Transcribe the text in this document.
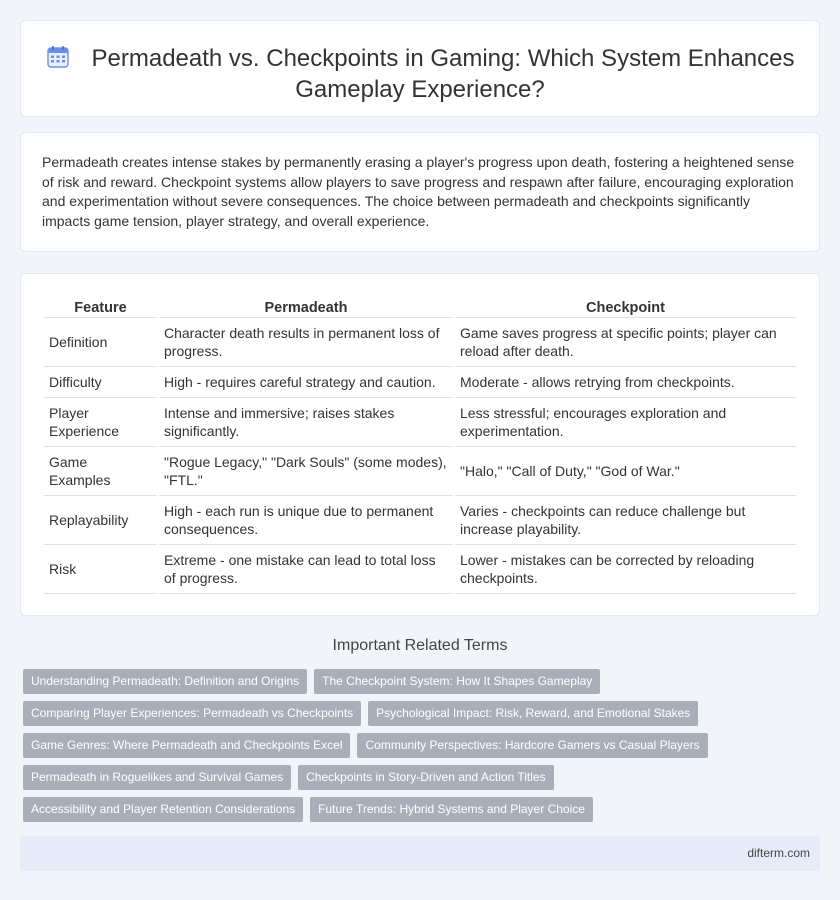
Permadeath vs. Checkpoints in Gaming: Which System Enhances
Gameplay Experience?

Permadeath creates intense stakes by permanently erasing a player's progress upon death, fostering a heightened sense of risk and reward. Checkpoint systems allow players to save progress and respawn after failure, encouraging exploration and experimentation without severe consequences. The choice between permadeath and checkpoints significantly impacts game tension, player strategy, and overall experience.

Feature	Permadeath	Checkpoint
Definition	Character death results in permanent loss of progress.	Game saves progress at specific points; player can reload after death.
Difficulty	High - requires careful strategy and caution.	Moderate - allows retrying from checkpoints.
Player Experience	Intense and immersive; raises stakes significantly.	Less stressful; encourages exploration and experimentation.
Game Examples	"Rogue Legacy," "Dark Souls" (some modes), "FTL."	"Halo," "Call of Duty," "God of War."
Replayability	High - each run is unique due to permanent consequences.	Varies - checkpoints can reduce challenge but increase playability.
Risk	Extreme - one mistake can lead to total loss of progress.	Lower - mistakes can be corrected by reloading checkpoints.
Important Related Terms
Understanding Permadeath: Definition and Origins	The Checkpoint System: How It Shapes Gameplay
Comparing Player Experiences: Permadeath vs Checkpoints	Psychological Impact: Risk, Reward, and Emotional Stakes
Game Genres: Where Permadeath and Checkpoints Excel	Community Perspectives: Hardcore Gamers vs Casual Players
Permadeath in Roguelikes and Survival Games	Checkpoints in Story-Driven and Action Titles
Accessibility and Player Retention Considerations	Future Trends: Hybrid Systems and Player Choice
difterm.com
